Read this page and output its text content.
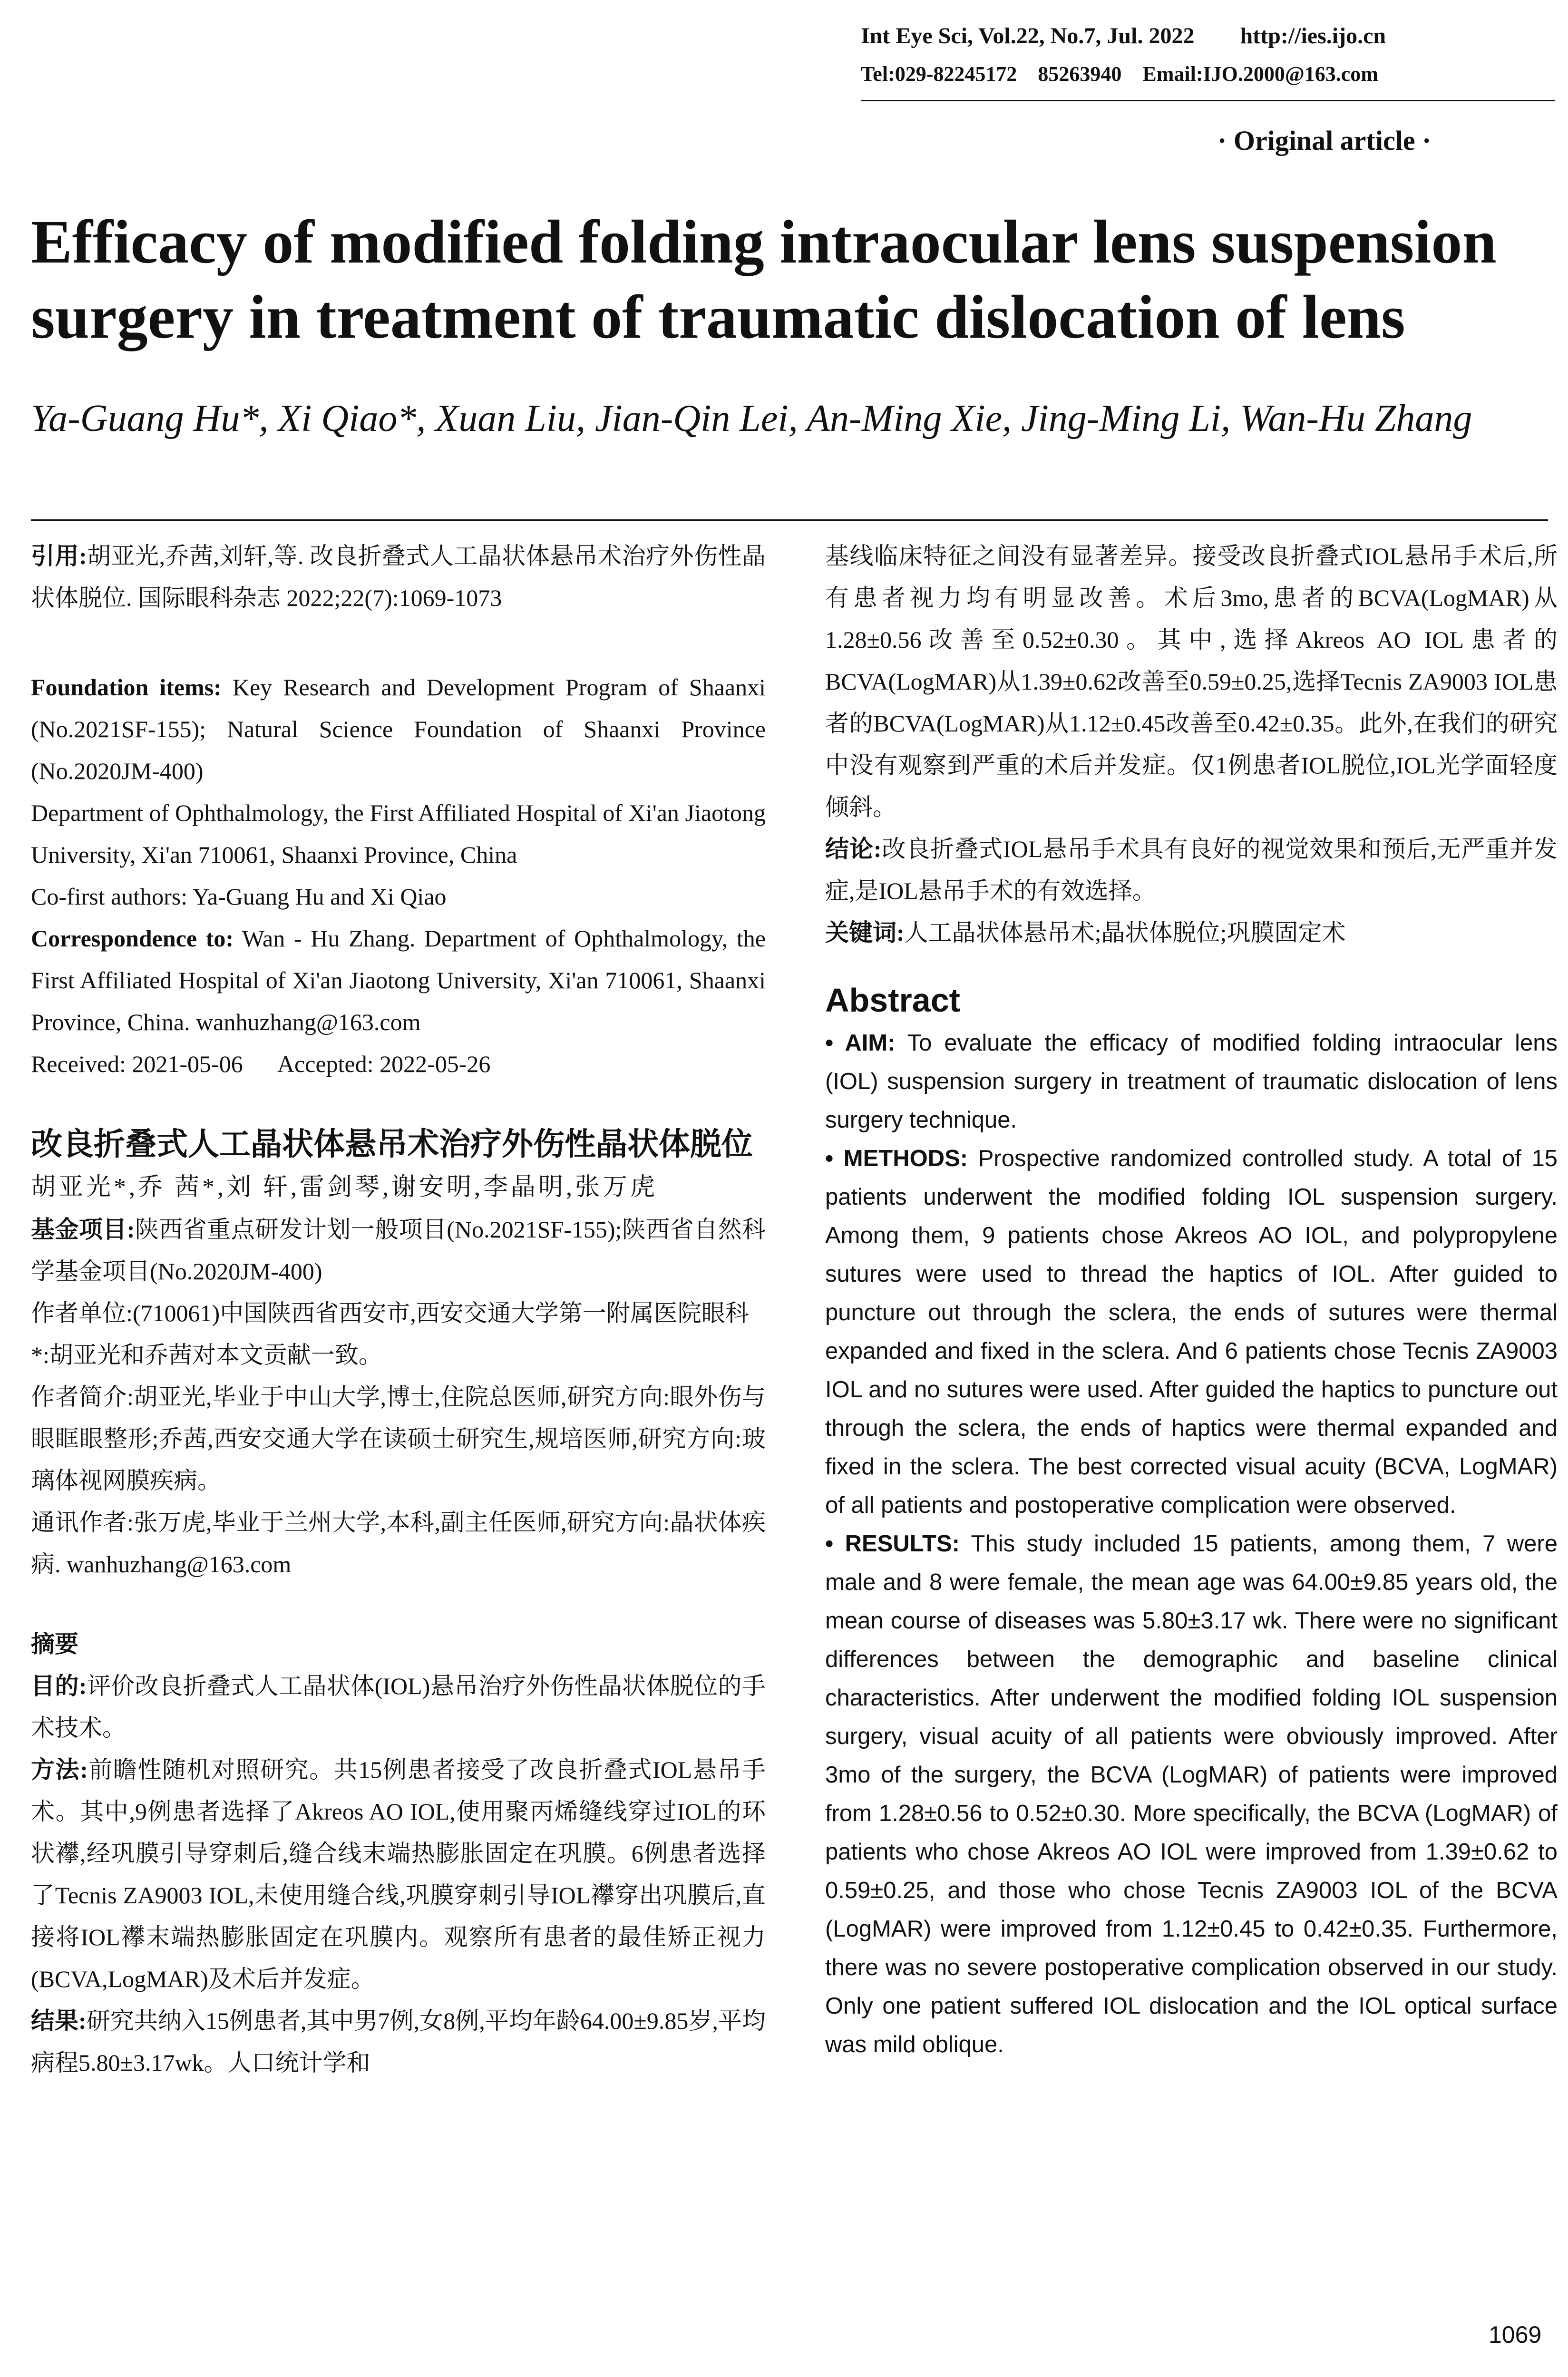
Int Eye Sci, Vol.22, No.7, Jul. 2022        http://ies.ijo.cn
Tel:029-82245172    85263940    Email:IJO.2000@163.com
· Original article ·
Efficacy of modified folding intraocular lens suspension surgery in treatment of traumatic dislocation of lens
Ya-Guang Hu*, Xi Qiao*, Xuan Liu, Jian-Qin Lei, An-Ming Xie, Jing-Ming Li, Wan-Hu Zhang

引用:胡亚光,乔茜,刘轩,等. 改良折叠式人工晶状体悬吊术治疗外伤性晶状体脱位. 国际眼科杂志 2022;22(7):1069-1073

Foundation items: Key Research and Development Program of Shaanxi (No.2021SF-155); Natural Science Foundation of Shaanxi Province (No.2020JM-400)

Department of Ophthalmology, the First Affiliated Hospital of Xi'an Jiaotong University, Xi'an 710061, Shaanxi Province, China

Co-first authors: Ya-Guang Hu and Xi Qiao

Correspondence to: Wan - Hu Zhang. Department of Ophthalmology, the First Affiliated Hospital of Xi'an Jiaotong University, Xi'an 710061, Shaanxi Province, China. wanhuzhang@163.com

Received: 2021-05-06      Accepted: 2022-05-26

改良折叠式人工晶状体悬吊术治疗外伤性晶状体脱位

胡亚光*,乔 茜*,刘 轩,雷剑琴,谢安明,李晶明,张万虎

基金项目:陕西省重点研发计划一般项目(No.2021SF-155);陕西省自然科学基金项目(No.2020JM-400)

作者单位:(710061)中国陕西省西安市,西安交通大学第一附属医院眼科

*:胡亚光和乔茜对本文贡献一致。

作者简介:胡亚光,毕业于中山大学,博士,住院总医师,研究方向:眼外伤与眼眶眼整形;乔茜,西安交通大学在读硕士研究生,规培医师,研究方向:玻璃体视网膜疾病。

通讯作者:张万虎,毕业于兰州大学,本科,副主任医师,研究方向:晶状体疾病. wanhuzhang@163.com

摘要

目的:评价改良折叠式人工晶状体(IOL)悬吊治疗外伤性晶状体脱位的手术技术。

方法:前瞻性随机对照研究。共15例患者接受了改良折叠式IOL悬吊手术。其中,9例患者选择了Akreos AO IOL,使用聚丙烯缝线穿过IOL的环状襻,经巩膜引导穿刺后,缝合线末端热膨胀固定在巩膜。6例患者选择了Tecnis ZA9003 IOL,未使用缝合线,巩膜穿刺引导IOL襻穿出巩膜后,直接将IOL襻末端热膨胀固定在巩膜内。观察所有患者的最佳矫正视力(BCVA,LogMAR)及术后并发症。

结果:研究共纳入15例患者,其中男7例,女8例,平均年龄64.00±9.85岁,平均病程5.80±3.17wk。人口统计学和

基线临床特征之间没有显著差异。接受改良折叠式IOL悬吊手术后,所有患者视力均有明显改善。术后3mo,患者的BCVA(LogMAR)从1.28±0.56改善至0.52±0.30。其中,选择Akreos AO IOL患者的BCVA(LogMAR)从1.39±0.62改善至0.59±0.25,选择Tecnis ZA9003 IOL患者的BCVA(LogMAR)从1.12±0.45改善至0.42±0.35。此外,在我们的研究中没有观察到严重的术后并发症。仅1例患者IOL脱位,IOL光学面轻度倾斜。

结论:改良折叠式IOL悬吊手术具有良好的视觉效果和预后,无严重并发症,是IOL悬吊手术的有效选择。

关键词:人工晶状体悬吊术;晶状体脱位;巩膜固定术

Abstract

• AIM: To evaluate the efficacy of modified folding intraocular lens (IOL) suspension surgery in treatment of traumatic dislocation of lens surgery technique.

• METHODS: Prospective randomized controlled study. A total of 15 patients underwent the modified folding IOL suspension surgery. Among them, 9 patients chose Akreos AO IOL, and polypropylene sutures were used to thread the haptics of IOL. After guided to puncture out through the sclera, the ends of sutures were thermal expanded and fixed in the sclera. And 6 patients chose Tecnis ZA9003 IOL and no sutures were used. After guided the haptics to puncture out through the sclera, the ends of haptics were thermal expanded and fixed in the sclera. The best corrected visual acuity (BCVA, LogMAR) of all patients and postoperative complication were observed.

• RESULTS: This study included 15 patients, among them, 7 were male and 8 were female, the mean age was 64.00±9.85 years old, the mean course of diseases was 5.80±3.17 wk. There were no significant differences between the demographic and baseline clinical characteristics. After underwent the modified folding IOL suspension surgery, visual acuity of all patients were obviously improved. After 3mo of the surgery, the BCVA (LogMAR) of patients were improved from 1.28±0.56 to 0.52±0.30. More specifically, the BCVA (LogMAR) of patients who chose Akreos AO IOL were improved from 1.39±0.62 to 0.59±0.25, and those who chose Tecnis ZA9003 IOL of the BCVA (LogMAR) were improved from 1.12±0.45 to 0.42±0.35. Furthermore, there was no severe postoperative complication observed in our study. Only one patient suffered IOL dislocation and the IOL optical surface was mild oblique.

1069
